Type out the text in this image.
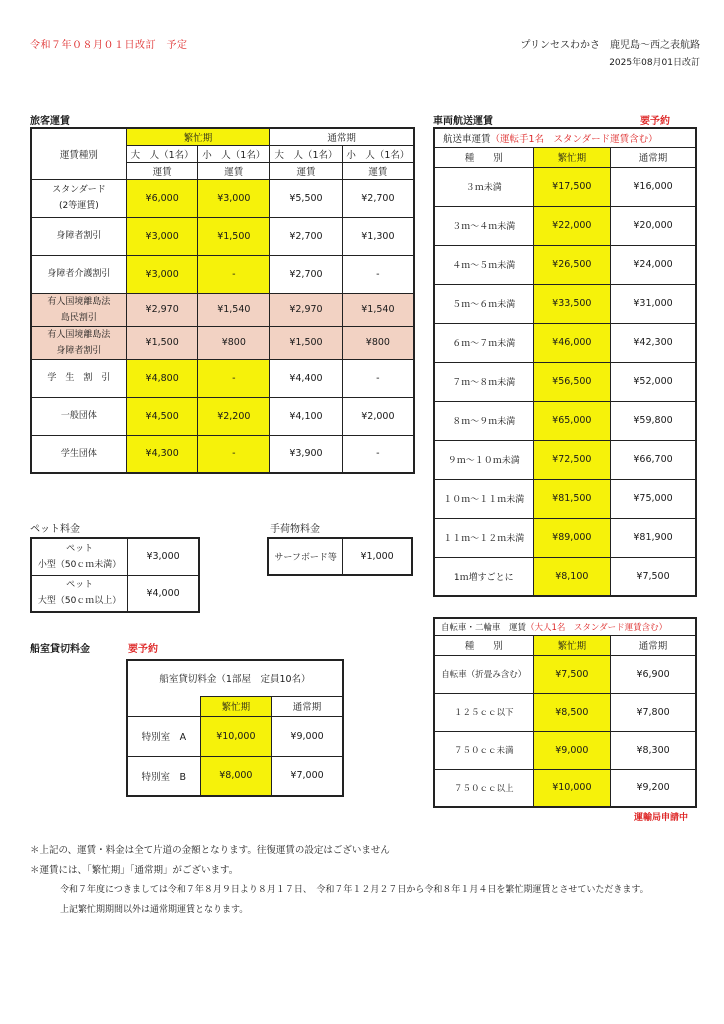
令和７年０８月０１日改訂　予定	プリンセスわかさ　鹿児島～西之表航路
2025年08月01日改訂
旅客運賃
運賃種別	繁忙期		通常期	
	大　人（1名）	小　人（1名）	大　人（1名）	小　人（1名）
	運賃	運賃	運賃	運賃

スタンダード
(2等運賃)	¥6,000	¥3,000	¥5,500	¥2,700

身障者割引	¥3,000	¥1,500	¥2,700	¥1,300

身障者介護割引	¥3,000	-	¥2,700	-

有人国境離島法
島民割引	¥2,970	¥1,540	¥2,970	¥1,540

有人国境離島法
身障者割引	¥1,500	¥800	¥1,500	¥800

学　生　割　引	¥4,800	-	¥4,400	-

一般団体	¥4,500	¥2,200	¥4,100	¥2,000

学生団体	¥4,300	-	¥3,900	-
ペット料金
ペット
小型（50ｃｍ未満）	¥3,000

ペット
大型（50ｃｍ以上）	¥4,000
手荷物料金
サーフボード等	¥1,000
船室貸切料金	要予約
船室貸切料金（1部屋　定員10名）		
	繁忙期	通常期
特別室　A	¥10,000	¥9,000
特別室　B	¥8,000	¥7,000
車両航送運賃	要予約
航送車運賃（運転手1名　スタンダード運賃含む）		
種　　別	繁忙期	通常期
３ｍ未満	¥17,500	¥16,000
３ｍ～４ｍ未満	¥22,000	¥20,000
４ｍ～５ｍ未満	¥26,500	¥24,000
５ｍ～６ｍ未満	¥33,500	¥31,000
６ｍ～７ｍ未満	¥46,000	¥42,300
７ｍ～８ｍ未満	¥56,500	¥52,000
８ｍ～９ｍ未満	¥65,000	¥59,800
９ｍ～１０ｍ未満	¥72,500	¥66,700
１０ｍ～１１ｍ未満	¥81,500	¥75,000
１１ｍ～１２ｍ未満	¥89,000	¥81,900
1ｍ増すごとに	¥8,100	¥7,500
自転車・二輪車　運賃（大人1名　スタンダード運賃含む）		
種　　別	繁忙期	通常期
自転車（折畳み含む）	¥7,500	¥6,900
１２５ｃｃ以下	¥8,500	¥7,800
７５０ｃｃ未満	¥9,000	¥8,300
７５０ｃｃ以上	¥10,000	¥9,200
運輸局申請中
＊上記の、運賃・料金は全て片道の金額となります。往復運賃の設定はございません
＊運賃には、「繁忙期」「通常期」がございます。
令和７年度につきましては令和７年８月９日より８月１７日、　令和７年１２月２７日から令和８年１月４日を繁忙期運賃とさせていただきます。
上記繁忙期期間以外は通常期運賃となります。
